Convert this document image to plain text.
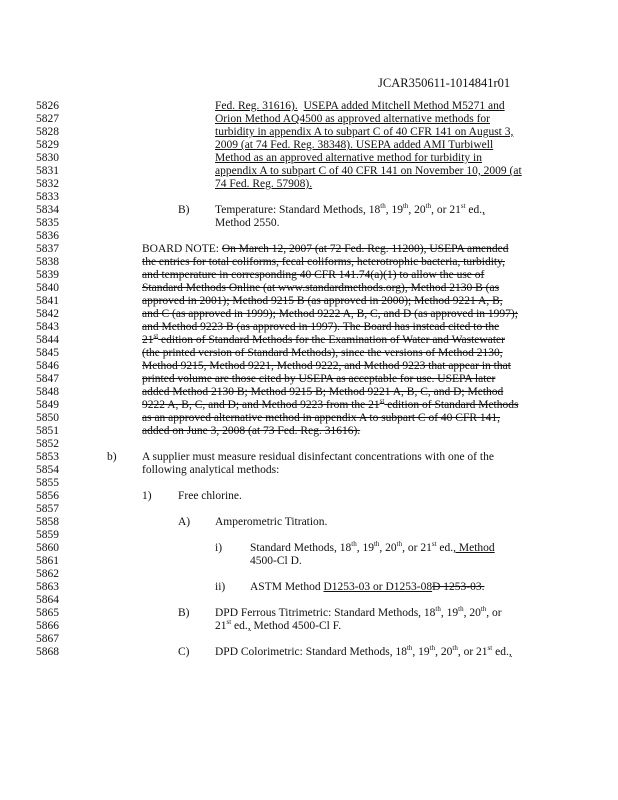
JCAR350611-1014841r01
5826
5827
5828
5829
5830
5831
5832
5833
5834
5835
5836
5837
5838
5839
5840
5841
5842
5843
5844
5845
5846
5847
5848
5849
5850
5851
5852
5853
5854
5855
5856
5857
5858
5859
5860
5861
5862
5863
5864
5865
5866
5867
5868
Fed. Reg. 31616). USEPA added Mitchell Method M5271 and
Orion Method AQ4500 as approved alternative methods for
turbidity in appendix A to subpart C of 40 CFR 141 on August 3,
2009 (at 74 Fed. Reg. 38348). USEPA added AMI Turbiwell
Method as an approved alternative method for turbidity in
appendix A to subpart C of 40 CFR 141 on November 10, 2009 (at
74 Fed. Reg. 57908).
B) Temperature: Standard Methods, 18th, 19th, 20th, or 21st ed.,
Method 2550.
BOARD NOTE: On March 12, 2007 (at 72 Fed. Reg. 11200), USEPA amended
the entries for total coliforms, fecal coliforms, heterotrophic bacteria, turbidity,
and temperature in corresponding 40 CFR 141.74(a)(1) to allow the use of
Standard Methods Online (at www.standardmethods.org), Method 2130 B (as
approved in 2001); Method 9215 B (as approved in 2000); Method 9221 A, B,
and C (as approved in 1999); Method 9222 A, B, C, and D (as approved in 1997);
and Method 9223 B (as approved in 1997). The Board has instead cited to the
21st edition of Standard Methods for the Examination of Water and Wastewater
(the printed version of Standard Methods), since the versions of Method 2130,
Method 9215, Method 9221, Method 9222, and Method 9223 that appear in that
printed volume are those cited by USEPA as acceptable for use. USEPA later
added Method 2130 B; Method 9215 B; Method 9221 A, B, C, and D; Method
9222 A, B, C, and D; and Method 9223 from the 21st edition of Standard Methods
as an approved alternative method in appendix A to subpart C of 40 CFR 141,
added on June 3, 2008 (at 73 Fed. Reg. 31616).
b) A supplier must measure residual disinfectant concentrations with one of the
following analytical methods:
1) Free chlorine.
A) Amperometric Titration.
i) Standard Methods, 18th, 19th, 20th, or 21st ed., Method
4500-Cl D.
ii) ASTM Method D1253-03 or D1253-08D 1253-03.
B) DPD Ferrous Titrimetric: Standard Methods, 18th, 19th, 20th, or
21st ed., Method 4500-Cl F.
C) DPD Colorimetric: Standard Methods, 18th, 19th, 20th, or 21st ed.,
